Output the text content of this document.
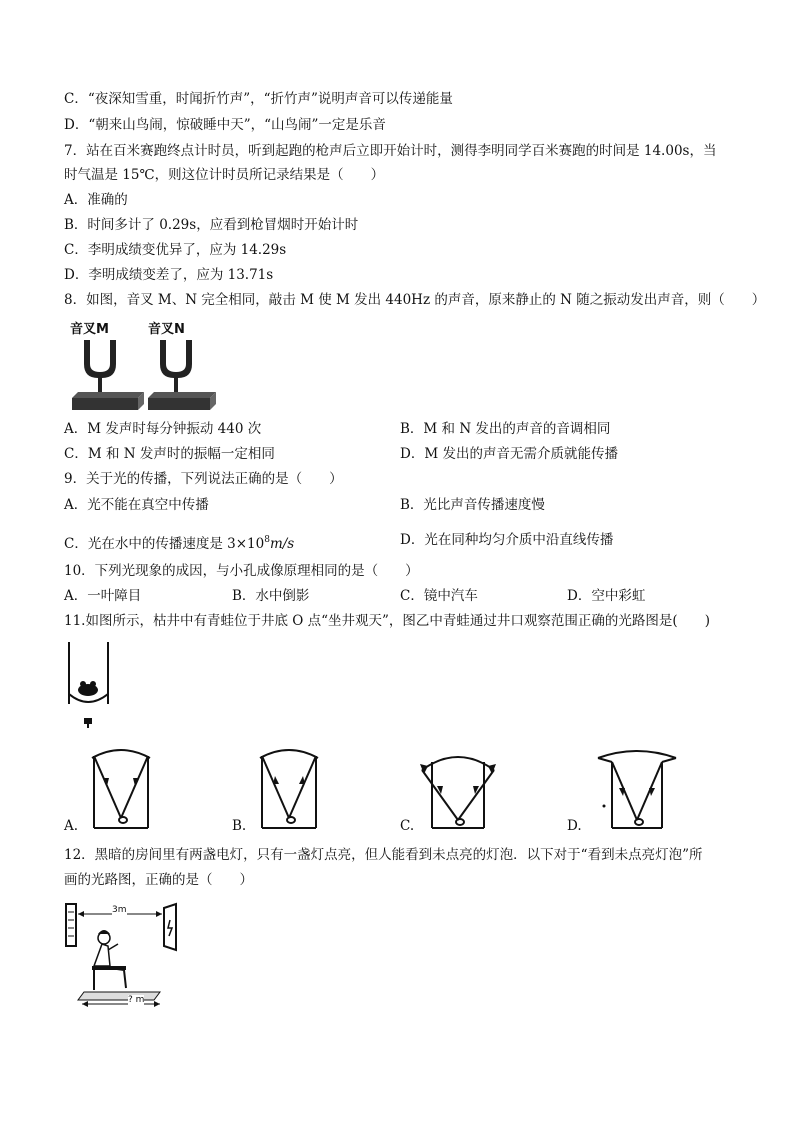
C．“夜深知雪重，时闻折竹声”，“折竹声”说明声音可以传递能量
D．“朝来山鸟闹，惊破睡中天”，“山鸟闹”一定是乐音
7．站在百米赛跑终点计时员，听到起跑的枪声后立即开始计时，测得李明同学百米赛跑的时间是 14.00s，当
时气温是 15℃，则这位计时员所记录结果是（　　）
A．准确的
B．时间多计了 0.29s，应看到枪冒烟时开始计时
C．李明成绩变优异了，应为 14.29s
D．李明成绩变差了，应为 13.71s
8．如图，音叉 M、N 完全相同，敲击 M 使 M 发出 440Hz 的声音，原来静止的 N 随之振动发出声音，则（　　）
音叉M	音叉N
A．M 发声时每分钟振动 440 次	B．M 和 N 发出的声音的音调相同
C．M 和 N 发声时的振幅一定相同	D．M 发出的声音无需介质就能传播
9．关于光的传播，下列说法正确的是（　　）
A．光不能在真空中传播	B．光比声音传播速度慢
C．光在水中的传播速度是 $3\times 10^8m/s$	D．光在同种均匀介质中沿直线传播
10．下列光现象的成因，与小孔成像原理相同的是（　　）
A．一叶障目	B．水中倒影	C．镜中汽车	D．空中彩虹
11.如图所示，枯井中有青蛙位于井底 O 点“坐井观天”，图乙中青蛙通过井口观察范围正确的光路图是(　　)
A.	B.	C.	D.
12．黑暗的房间里有两盏电灯，只有一盏灯点亮，但人能看到未点亮的灯泡．以下对于“看到未点亮灯泡”所
画的光路图，正确的是（　　）
3m
? m
